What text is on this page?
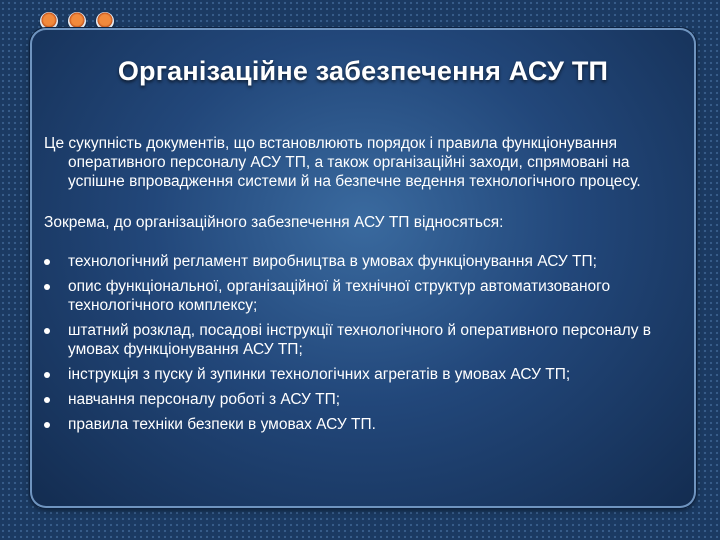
Організаційне забезпечення АСУ ТП

Це сукупність документів, що встановлюють порядок і правила функціонування оперативного персоналу АСУ ТП, а також організаційні заходи, спрямовані на успішне впровадження системи й на безпечне ведення технологічного процесу.

Зокрема, до організаційного забезпечення АСУ ТП відносяться:

технологічний регламент виробництва в умовах функціонування АСУ ТП;
опис функціональної, організаційної й технічної структур автоматизованого технологічного комплексу;
штатний розклад, посадові інструкції технологічного й оперативного персоналу в умовах функціонування АСУ ТП;
інструкція з пуску й зупинки технологічних агрегатів в умовах АСУ ТП;
навчання персоналу роботі з АСУ ТП;
правила техніки безпеки в умовах АСУ ТП.
